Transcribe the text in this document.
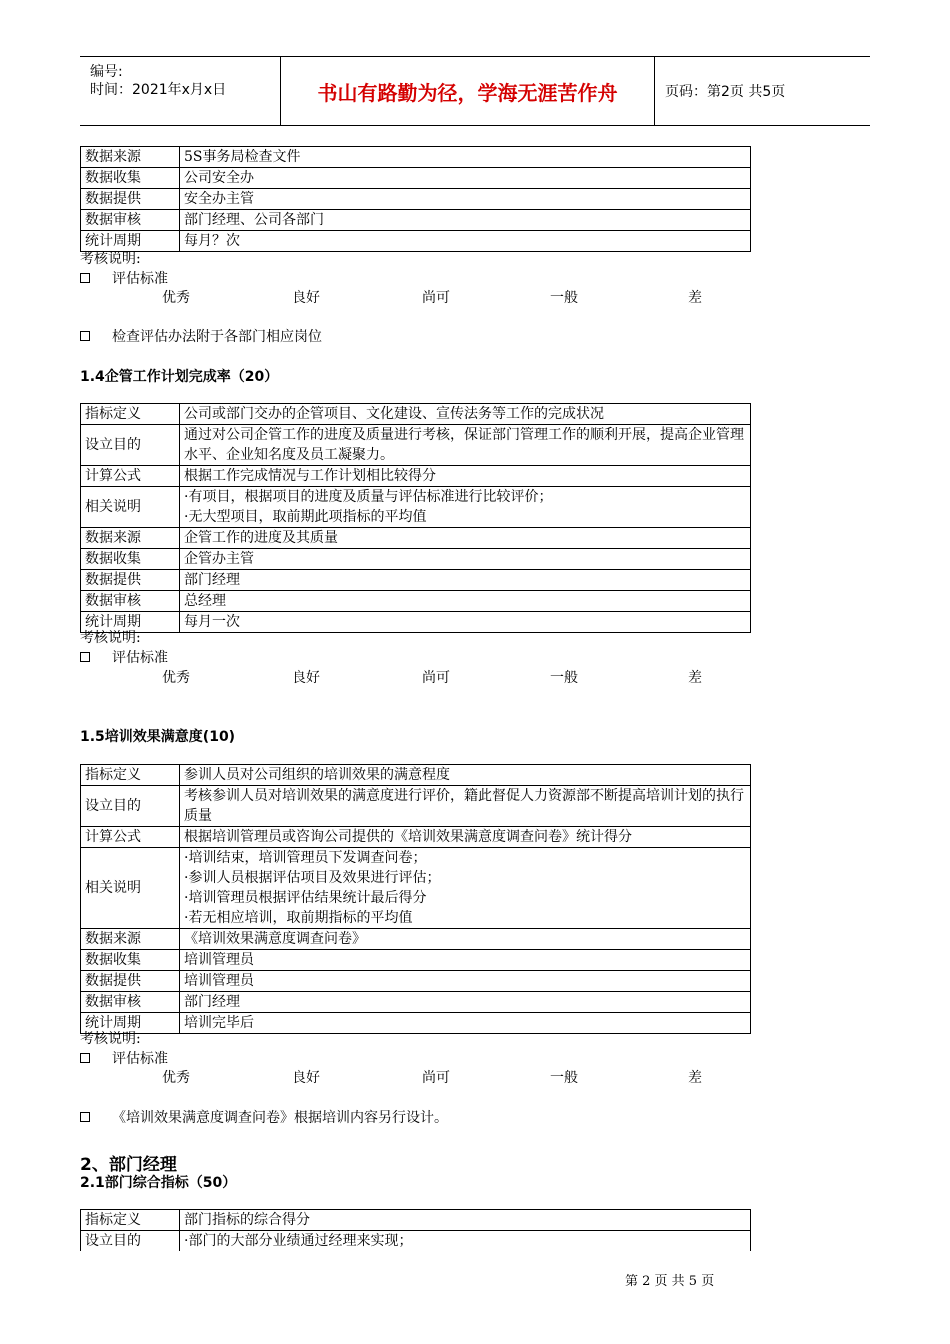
编号:
时间：2021年x月x日	书山有路勤为径，学海无涯苦作舟	页码：第2页 共5页
数据来源	5S事务局检查文件
数据收集	公司安全办
数据提供	安全办主管
数据审核	部门经理、公司各部门
统计周期	每月？次
考核说明:
评估标准
优秀	良好	尚可	一般	差
检查评估办法附于各部门相应岗位
1.4企管工作计划完成率（20）
指标定义	公司或部门交办的企管项目、文化建设、宣传法务等工作的完成状况
设立目的	通过对公司企管工作的进度及质量进行考核，保证部门管理工作的顺利开展，提高企业管理水平、企业知名度及员工凝聚力。
计算公式	根据工作完成情况与工作计划相比较得分
相关说明	·有项目，根据项目的进度及质量与评估标准进行比较评价；
·无大型项目，取前期此项指标的平均值

数据来源	企管工作的进度及其质量
数据收集	企管办主管
数据提供	部门经理
数据审核	总经理
统计周期	每月一次
考核说明:
评估标准
优秀	良好	尚可	一般	差
1.5培训效果满意度(10)
指标定义	参训人员对公司组织的培训效果的满意程度
设立目的	考核参训人员对培训效果的满意度进行评价，籍此督促人力资源部不断提高培训计划的执行质量
计算公式	根据培训管理员或咨询公司提供的《培训效果满意度调查问卷》统计得分
相关说明	·培训结束，培训管理员下发调查问卷；
·参训人员根据评估项目及效果进行评估；
·培训管理员根据评估结果统计最后得分
·若无相应培训，取前期指标的平均值

数据来源	《培训效果满意度调查问卷》
数据收集	培训管理员
数据提供	培训管理员
数据审核	部门经理
统计周期	培训完毕后
考核说明:
评估标准
优秀	良好	尚可	一般	差
《培训效果满意度调查问卷》根据培训内容另行设计。
2、部门经理
2.1部门综合指标（50）
指标定义	部门指标的综合得分
设立目的	·部门的大部分业绩通过经理来实现；
第 2 页 共 5 页
